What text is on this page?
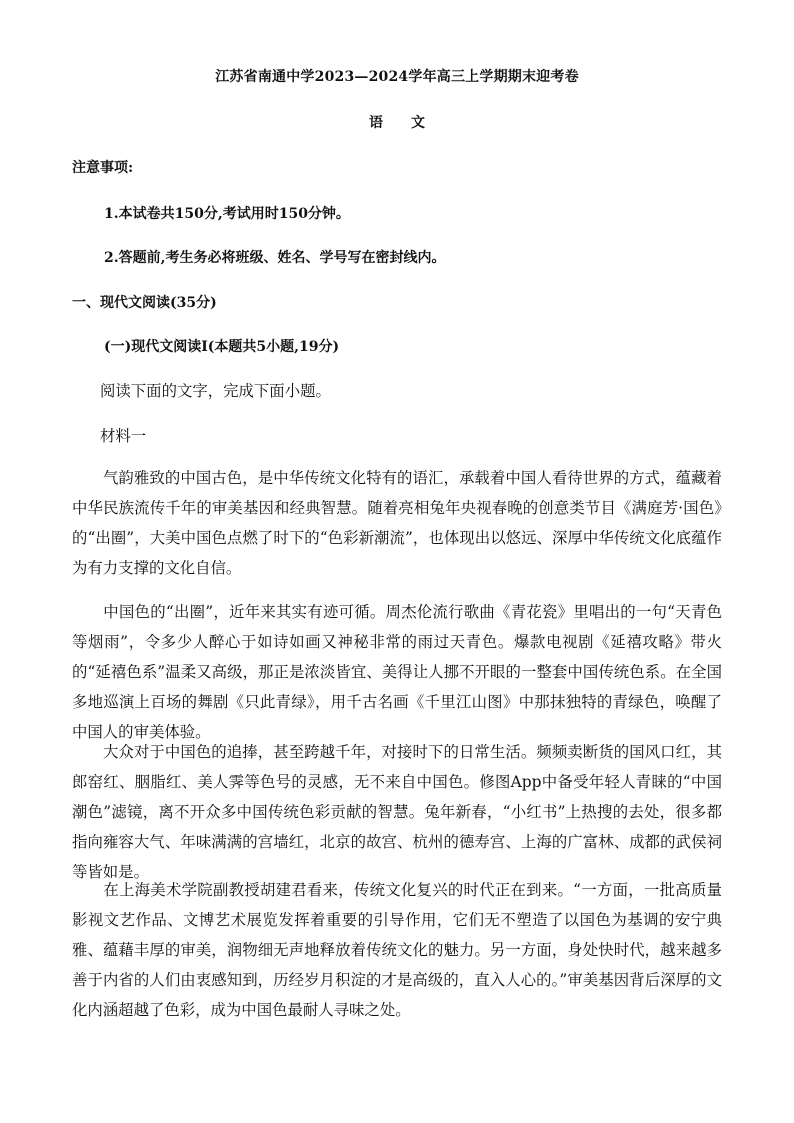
江苏省南通中学2023—2024学年高三上学期期末迎考卷
语 文
注意事项:
1.本试卷共150分,考试用时150分钟。
2.答题前,考生务必将班级、姓名、学号写在密封线内。
一、现代文阅读(35分)
(一)现代文阅读Ⅰ(本题共5小题,19分)
阅读下面的文字，完成下面小题。
材料一
　　气韵雅致的中国古色，是中华传统文化特有的语汇，承载着中国人看待世界的方式，蕴藏着中华民族流传千年的审美基因和经典智慧。随着亮相兔年央视春晚的创意类节目《满庭芳·国色》的“出圈”，大美中国色点燃了时下的“色彩新潮流”，也体现出以悠远、深厚中华传统文化底蕴作为有力支撑的文化自信。
　　中国色的“出圈”，近年来其实有迹可循。周杰伦流行歌曲《青花瓷》里唱出的一句“天青色等烟雨”，令多少人醉心于如诗如画又神秘非常的雨过天青色。爆款电视剧《延禧攻略》带火的“延禧色系”温柔又高级，那正是浓淡皆宜、美得让人挪不开眼的一整套中国传统色系。在全国多地巡演上百场的舞剧《只此青绿》，用千古名画《千里江山图》中那抹独特的青绿色，唤醒了中国人的审美体验。
　　大众对于中国色的追捧，甚至跨越千年，对接时下的日常生活。频频卖断货的国风口红，其郎窑红、胭脂红、美人霁等色号的灵感，无不来自中国色。修图App中备受年轻人青睐的“中国潮色”滤镜，离不开众多中国传统色彩贡献的智慧。兔年新春，“小红书”上热搜的去处，很多都指向雍容大气、年味满满的宫墙红，北京的故宫、杭州的德寿宫、上海的广富林、成都的武侯祠等皆如是。
　　在上海美术学院副教授胡建君看来，传统文化复兴的时代正在到来。“一方面，一批高质量影视文艺作品、文博艺术展览发挥着重要的引导作用，它们无不塑造了以国色为基调的安宁典雅、蕴藉丰厚的审美，润物细无声地释放着传统文化的魅力。另一方面，身处快时代，越来越多善于内省的人们由衷感知到，历经岁月积淀的才是高级的，直入人心的。”审美基因背后深厚的文化内涵超越了色彩，成为中国色最耐人寻味之处。
